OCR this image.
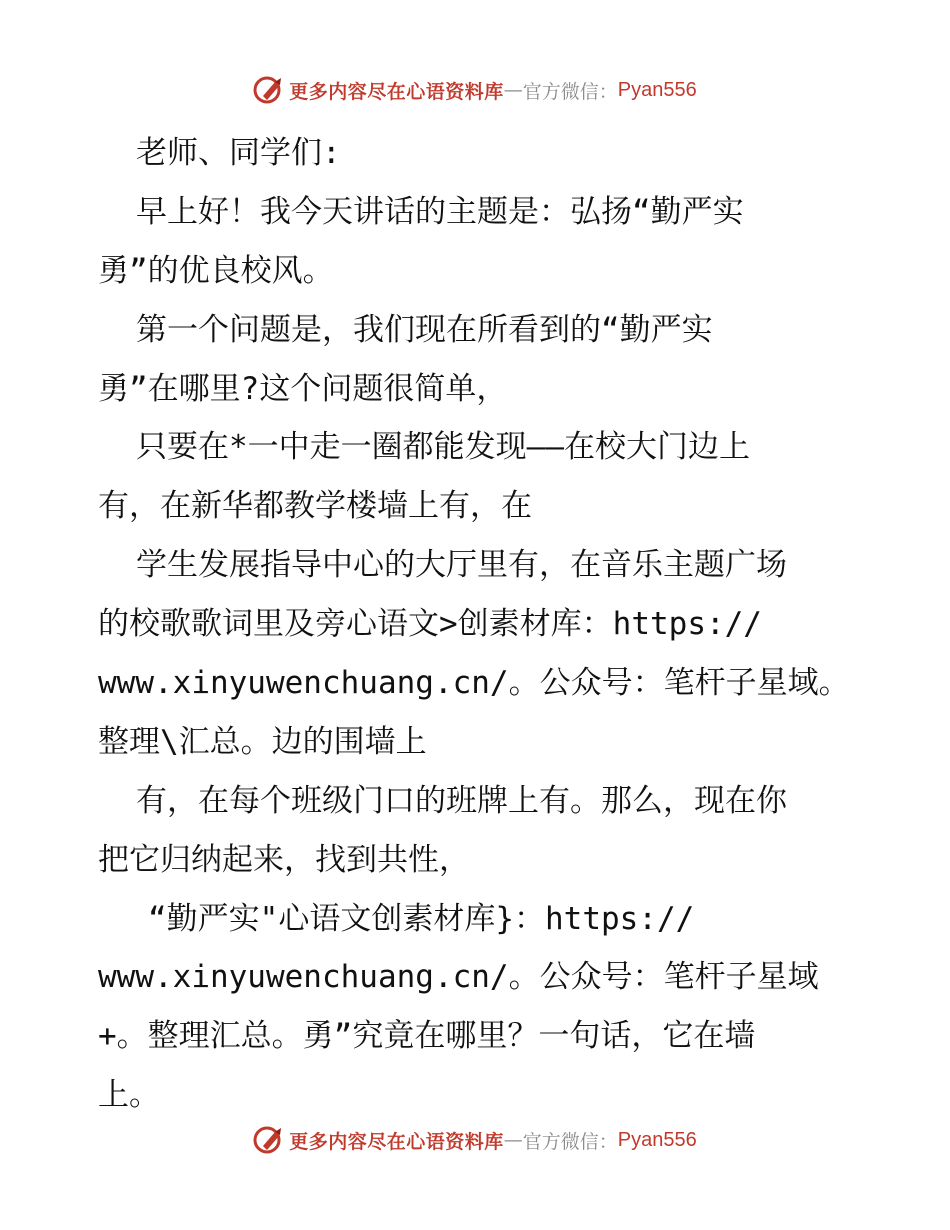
更多内容尽在心语资料库 — 官方微信： Pyan556
老师、同学们:
早上好！我今天讲话的主题是：弘扬“勤严实
勇”的优良校风。
第一个问题是，我们现在所看到的“勤严实
勇”在哪里?这个问题很简单，
只要在*一中走一圈都能发现——在校大门边上
有，在新华都教学楼墙上有，在
学生发展指导中心的大厅里有，在音乐主题广场
的校歌歌词里及旁心语文>创素材库：https://
www.xinyuwenchuang.cn/。公众号：笔杆子星域。
整理\汇总。边的围墙上
有，在每个班级门口的班牌上有。那么，现在你
把它归纳起来，找到共性，
“勤严实"心语文创素材库}：https://
www.xinyuwenchuang.cn/。公众号：笔杆子星域
+。整理汇总。勇”究竟在哪里？一句话，它在墙
上。
更多内容尽在心语资料库 — 官方微信： Pyan556
